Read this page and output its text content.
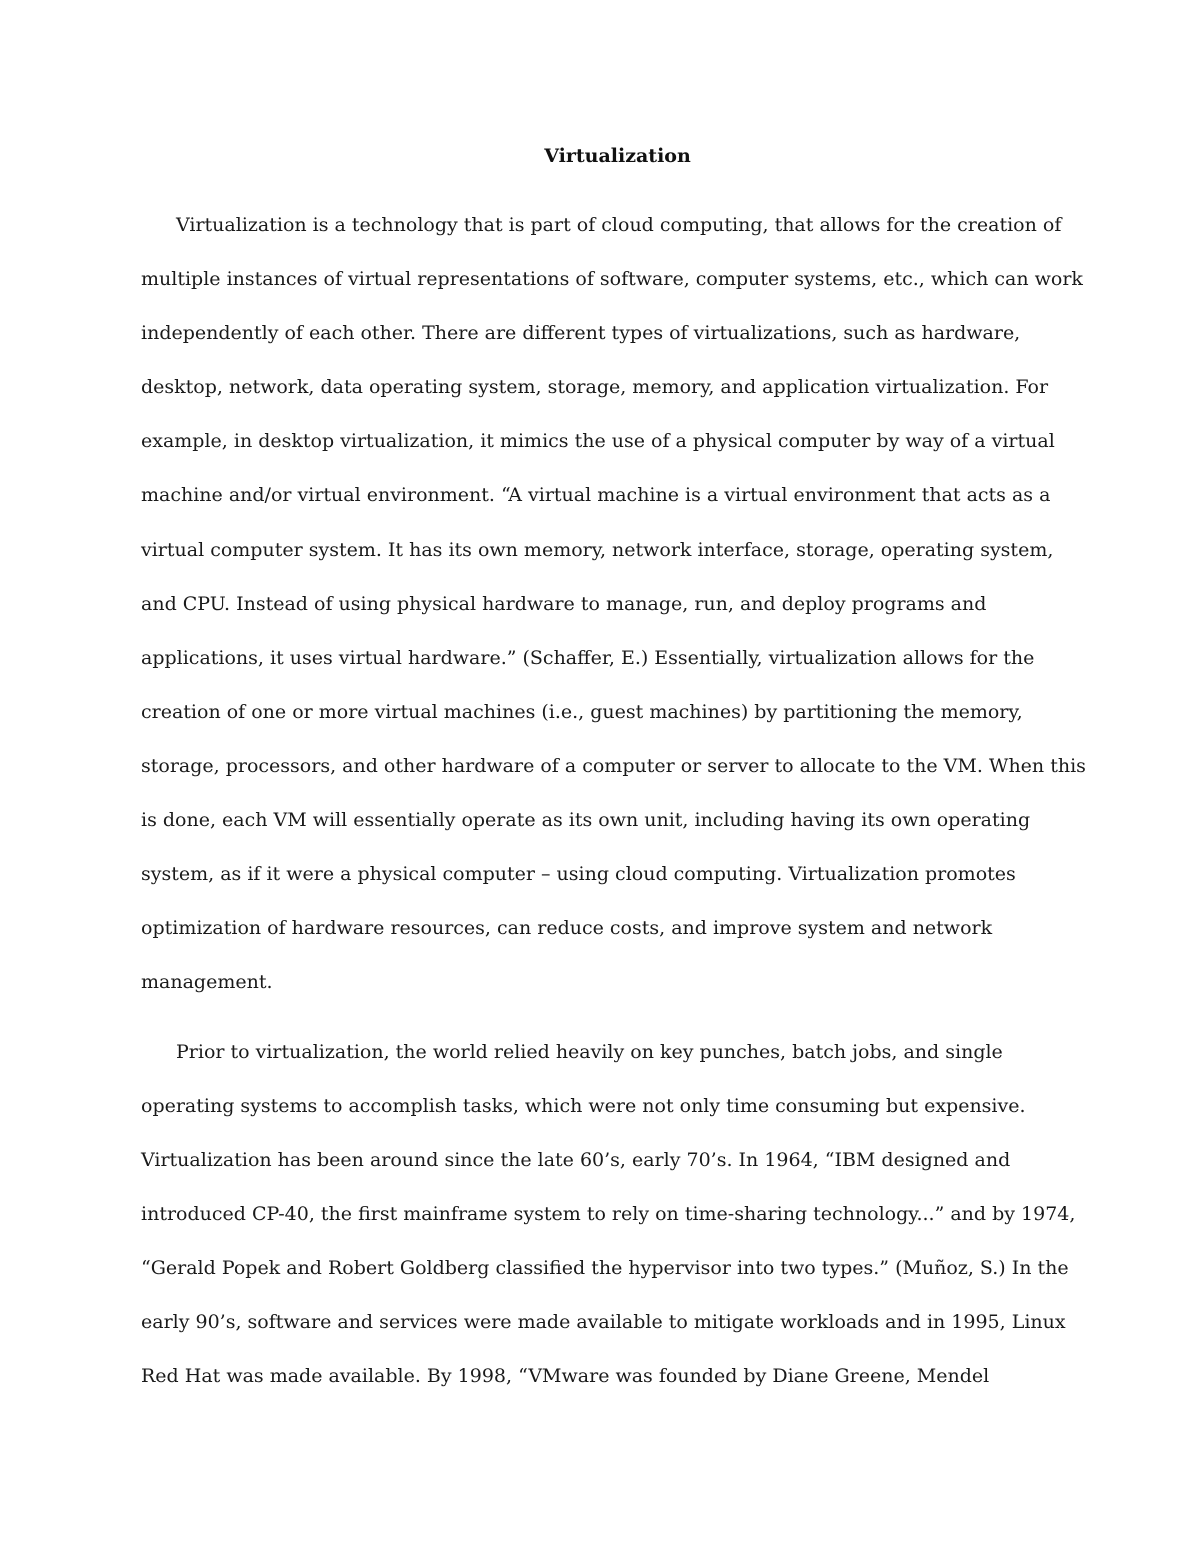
Virtualization
Virtualization is a technology that is part of cloud computing, that allows for the creation of
multiple instances of virtual representations of software, computer systems, etc., which can work
independently of each other. There are different types of virtualizations, such as hardware,
desktop, network, data operating system, storage, memory, and application virtualization. For
example, in desktop virtualization, it mimics the use of a physical computer by way of a virtual
machine and/or virtual environment. “A virtual machine is a virtual environment that acts as a
virtual computer system. It has its own memory, network interface, storage, operating system,
and CPU. Instead of using physical hardware to manage, run, and deploy programs and
applications, it uses virtual hardware.” (Schaffer, E.) Essentially, virtualization allows for the
creation of one or more virtual machines (i.e., guest machines) by partitioning the memory,
storage, processors, and other hardware of a computer or server to allocate to the VM. When this
is done, each VM will essentially operate as its own unit, including having its own operating
system, as if it were a physical computer – using cloud computing. Virtualization promotes
optimization of hardware resources, can reduce costs, and improve system and network
management.
Prior to virtualization, the world relied heavily on key punches, batch jobs, and single
operating systems to accomplish tasks, which were not only time consuming but expensive.
Virtualization has been around since the late 60’s, early 70’s. In 1964, “IBM designed and
introduced CP-40, the first mainframe system to rely on time-sharing technology...” and by 1974,
“Gerald Popek and Robert Goldberg classified the hypervisor into two types.” (Muñoz, S.) In the
early 90’s, software and services were made available to mitigate workloads and in 1995, Linux
Red Hat was made available. By 1998, “VMware was founded by Diane Greene, Mendel
